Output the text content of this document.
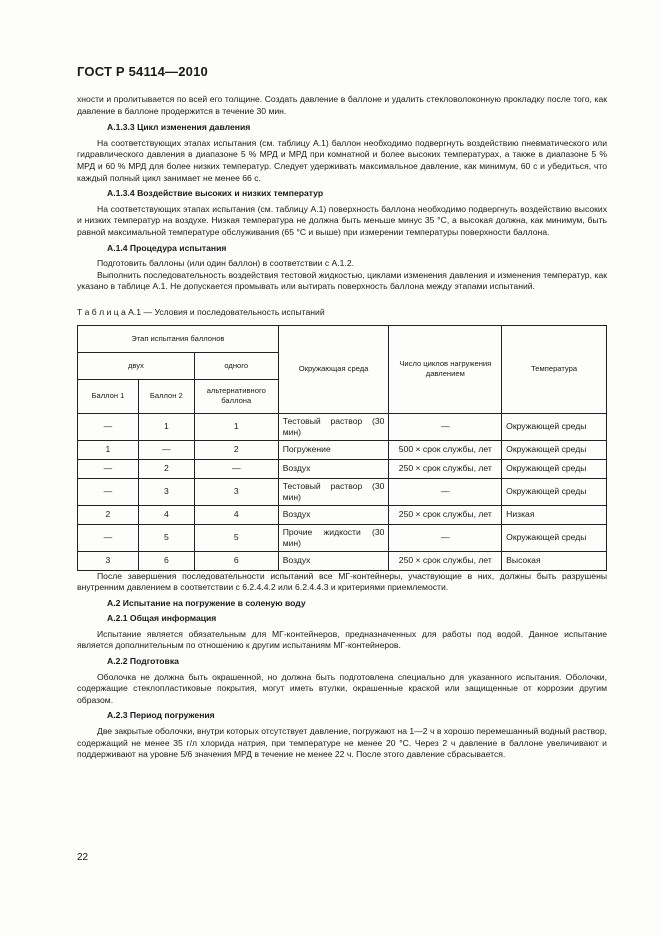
ГОСТ Р 54114—2010

хности и пролитывается по всей его толщине. Создать давление в баллоне и удалить стекловолоконную прокладку после того, как давление в баллоне продержится в течение 30 мин.

А.1.3.3 Цикл изменения давления

На соответствующих этапах испытания (см. таблицу А.1) баллон необходимо подвергнуть воздействию пневматического или гидравлического давления в диапазоне 5 % МРД и МРД при комнатной и более высоких температурах, а также в диапазоне 5 % МРД и 60 % МРД для более низких температур. Следует удерживать максимальное давление, как минимум, 60 с и убедиться, что каждый полный цикл занимает не менее 66 с.

А.1.3.4 Воздействие высоких и низких температур

На соответствующих этапах испытания (см. таблицу А.1) поверхность баллона необходимо подвергнуть воздействию высоких и низких температур на воздухе. Низкая температура не должна быть меньше минус 35 °С, а высокая должна, как минимум, быть равной максимальной температуре обслуживания (65 °С и выше) при измерении температуры поверхности баллона.

А.1.4 Процедура испытания

Подготовить баллоны (или один баллон) в соответствии с А.1.2.

Выполнить последовательность воздействия тестовой жидкостью, циклами изменения давления и изменения температур, как указано в таблице А.1. Не допускается промывать или вытирать поверхность баллона между этапами испытаний.

Т а б л и ц а А.1 — Условия и последовательность испытаний
Этап испытания баллонов			Окружающая среда	Число циклов нагружения давлением	Температура
двух		одного			
Баллон 1	Баллон 2	альтернативного баллона			
—	1	1	Тестовый раствор (30 мин)	—	Окружающей среды
1	—	2	Погружение	500 × срок службы, лет	Окружающей среды
—	2	—	Воздух	250 × срок службы, лет	Окружающей среды
—	3	3	Тестовый раствор (30 мин)	—	Окружающей среды
2	4	4	Воздух	250 × срок службы, лет	Низкая
—	5	5	Прочие жидкости (30 мин)	—	Окружающей среды
3	6	6	Воздух	250 × срок службы, лет	Высокая

После завершения последовательности испытаний все МГ-контейнеры, участвующие в них, должны быть разрушены внутренним давлением в соответствии с 6.2.4.4.2 или 6.2.4.4.3 и критериями приемлемости.

А.2 Испытание на погружение в соленую воду
А.2.1 Общая информация

Испытание является обязательным для МГ-контейнеров, предназначенных для работы под водой. Данное испытание является дополнительным по отношению к другим испытаниям МГ-контейнеров.

А.2.2 Подготовка

Оболочка не должна быть окрашенной, но должна быть подготовлена специально для указанного испытания. Оболочки, содержащие стеклопластиковые покрытия, могут иметь втулки, окрашенные краской или защищенные от коррозии другим образом.

А.2.3 Период погружения

Две закрытые оболочки, внутри которых отсутствует давление, погружают на 1—2 ч в хорошо перемешанный водный раствор, содержащий не менее 35 г/л хлорида натрия, при температуре не менее 20 °С. Через 2 ч давление в баллоне увеличивают и поддерживают на уровне 5/6 значения МРД в течение не менее 22 ч. После этого давление сбрасывается.

22
